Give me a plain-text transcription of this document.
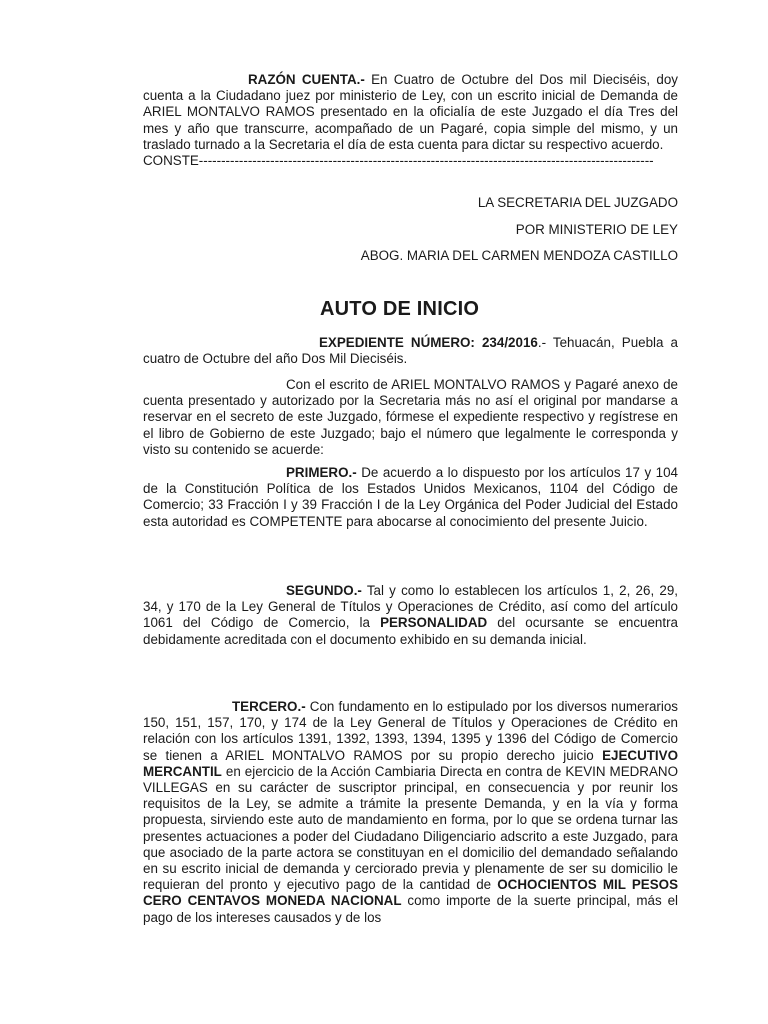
RAZÓN CUENTA.- En Cuatro de Octubre del Dos mil Dieciséis, doy cuenta a la Ciudadano juez por ministerio de Ley, con un escrito inicial de Demanda de ARIEL MONTALVO RAMOS presentado en la oficialía de este Juzgado el día Tres del mes y año que transcurre, acompañado de un Pagaré, copia simple del mismo, y un traslado turnado a la Secretaria el día de esta cuenta para dictar su respectivo acuerdo.
CONSTE------------------------------------------------------------------------------------------------------

LA SECRETARIA DEL JUZGADO

POR MINISTERIO DE LEY

ABOG. MARIA DEL CARMEN MENDOZA CASTILLO

AUTO DE INICIO

EXPEDIENTE NÚMERO: 234/2016.- Tehuacán, Puebla a cuatro de Octubre del año Dos Mil Dieciséis.

Con el escrito de ARIEL MONTALVO RAMOS y Pagaré anexo de cuenta presentado y autorizado por la Secretaria más no así el original por mandarse a reservar en el secreto de este Juzgado, fórmese el expediente respectivo y regístrese en el libro de Gobierno de este Juzgado; bajo el número que legalmente le corresponda y visto su contenido se acuerde:

PRIMERO.- De acuerdo a lo dispuesto por los artículos 17 y 104 de la Constitución Política de los Estados Unidos Mexicanos, 1104 del Código de Comercio; 33 Fracción I y 39 Fracción I de la Ley Orgánica del Poder Judicial del Estado esta autoridad es COMPETENTE para abocarse al conocimiento del presente Juicio.

SEGUNDO.- Tal y como lo establecen los artículos 1, 2, 26, 29, 34, y 170 de la Ley General de Títulos y Operaciones de Crédito, así como del artículo 1061 del Código de Comercio, la PERSONALIDAD del ocursante se encuentra debidamente acreditada con el documento exhibido en su demanda inicial.

TERCERO.- Con fundamento en lo estipulado por los diversos numerarios 150, 151, 157, 170, y 174 de la Ley General de Títulos y Operaciones de Crédito en relación con los artículos 1391, 1392, 1393, 1394, 1395 y 1396 del Código de Comercio se tienen a ARIEL MONTALVO RAMOS por su propio derecho juicio EJECUTIVO MERCANTIL en ejercicio de la Acción Cambiaria Directa en contra de KEVIN MEDRANO VILLEGAS en su carácter de suscriptor principal, en consecuencia y por reunir los requisitos de la Ley, se admite a trámite la presente Demanda, y en la vía y forma propuesta, sirviendo este auto de mandamiento en forma, por lo que se ordena turnar las presentes actuaciones a poder del Ciudadano Diligenciario adscrito a este Juzgado, para que asociado de la parte actora se constituyan en el domicilio del demandado señalando en su escrito inicial de demanda y cerciorado previa y plenamente de ser su domicilio le requieran del pronto y ejecutivo pago de la cantidad de OCHOCIENTOS MIL PESOS CERO CENTAVOS MONEDA NACIONAL como importe de la suerte principal, más el pago de los intereses causados y de los
